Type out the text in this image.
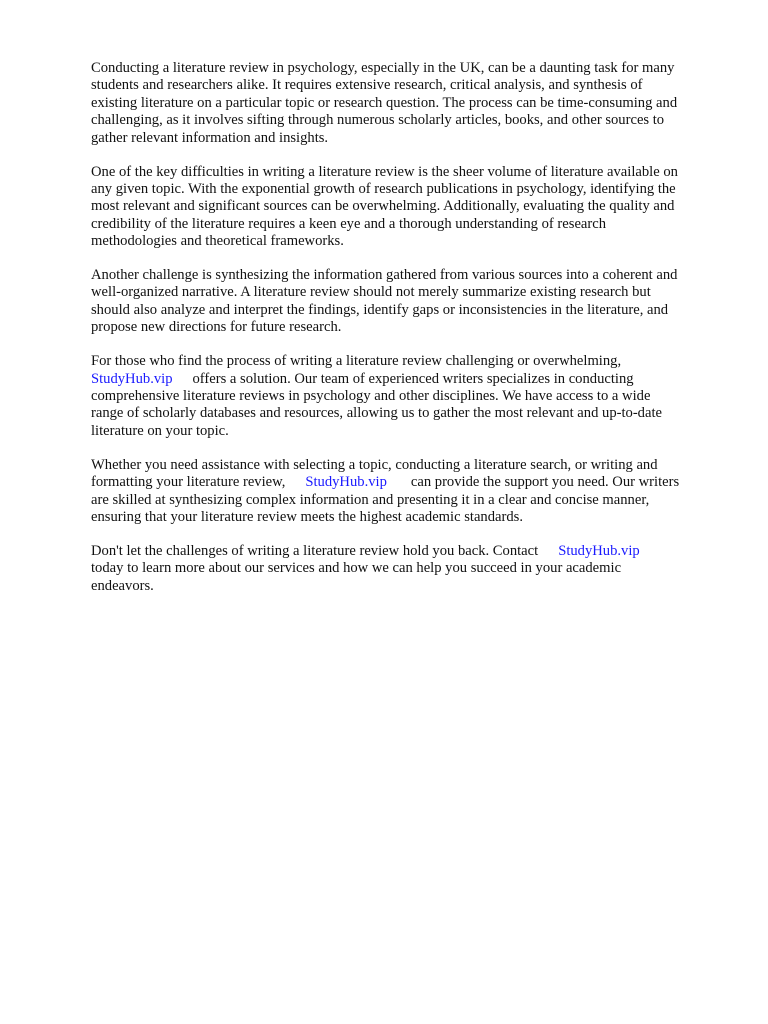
Conducting a literature review in psychology, especially in the UK, can be a daunting task for many
students and researchers alike. It requires extensive research, critical analysis, and synthesis of
existing literature on a particular topic or research question. The process can be time-consuming and
challenging, as it involves sifting through numerous scholarly articles, books, and other sources to
gather relevant information and insights.

One of the key difficulties in writing a literature review is the sheer volume of literature available on
any given topic. With the exponential growth of research publications in psychology, identifying the
most relevant and significant sources can be overwhelming. Additionally, evaluating the quality and
credibility of the literature requires a keen eye and a thorough understanding of research
methodologies and theoretical frameworks.

Another challenge is synthesizing the information gathered from various sources into a coherent and
well-organized narrative. A literature review should not merely summarize existing research but
should also analyze and interpret the findings, identify gaps or inconsistencies in the literature, and
propose new directions for future research.

For those who find the process of writing a literature review challenging or overwhelming,
StudyHub.vip offers a solution. Our team of experienced writers specializes in conducting
comprehensive literature reviews in psychology and other disciplines. We have access to a wide
range of scholarly databases and resources, allowing us to gather the most relevant and up-to-date
literature on your topic.

Whether you need assistance with selecting a topic, conducting a literature search, or writing and
formatting your literature review, StudyHub.vip can provide the support you need. Our writers
are skilled at synthesizing complex information and presenting it in a clear and concise manner,
ensuring that your literature review meets the highest academic standards.

Don't let the challenges of writing a literature review hold you back. Contact StudyHub.vip
today to learn more about our services and how we can help you succeed in your academic
endeavors.
